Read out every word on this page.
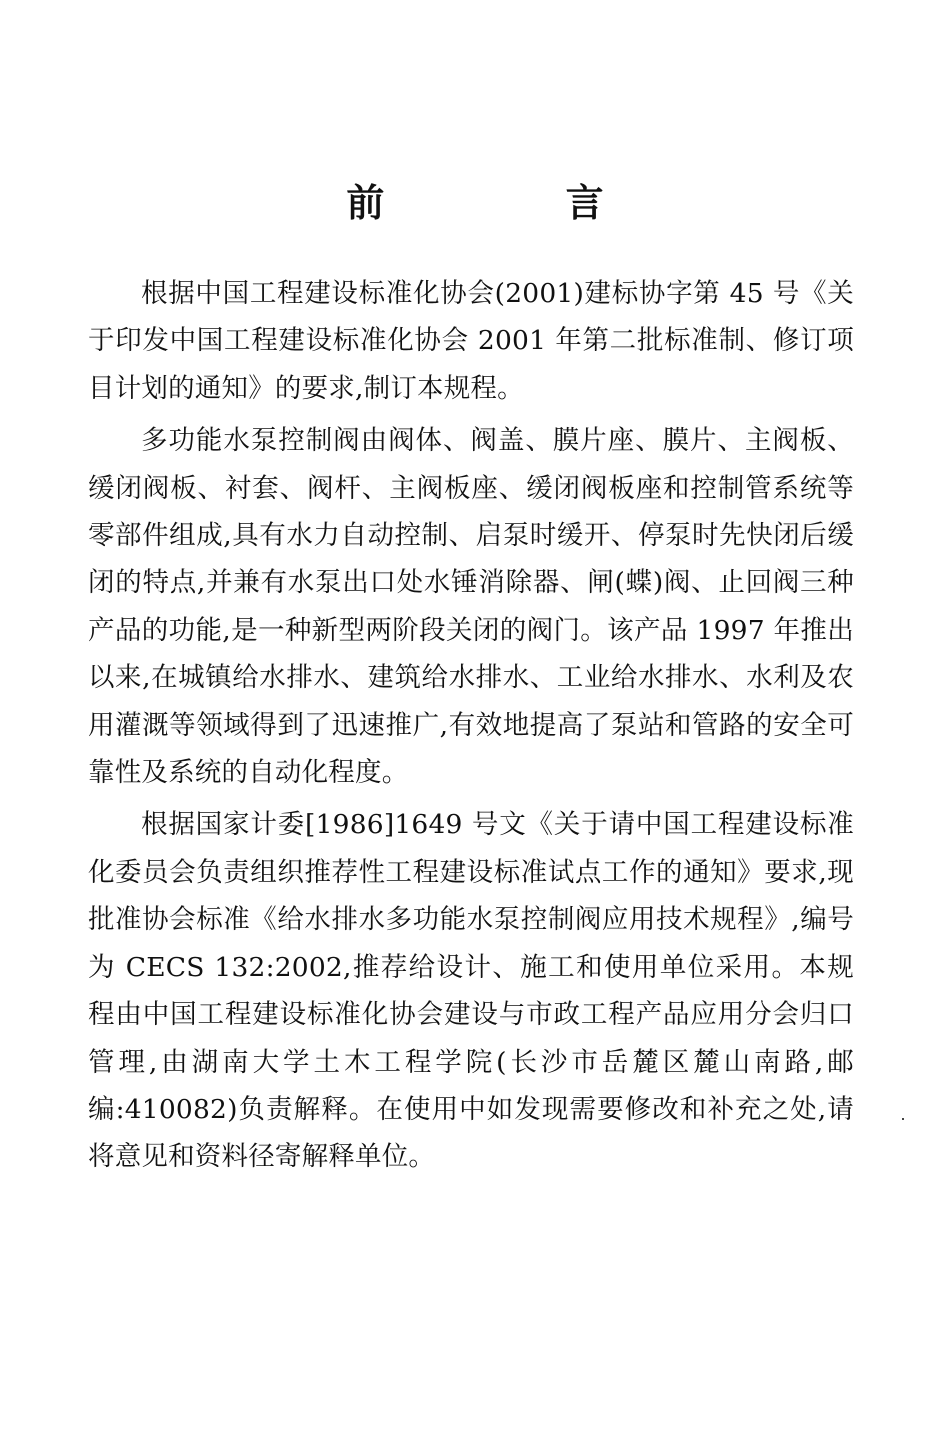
前 言

根据中国工程建设标准化协会(2001)建标协字第 45 号《关于印发中国工程建设标准化协会 2001 年第二批标准制、修订项目计划的通知》的要求,制订本规程。

多功能水泵控制阀由阀体、阀盖、膜片座、膜片、主阀板、缓闭阀板、衬套、阀杆、主阀板座、缓闭阀板座和控制管系统等零部件组成,具有水力自动控制、启泵时缓开、停泵时先快闭后缓闭的特点,并兼有水泵出口处水锤消除器、闸(蝶)阀、止回阀三种产品的功能,是一种新型两阶段关闭的阀门。该产品 1997 年推出以来,在城镇给水排水、建筑给水排水、工业给水排水、水利及农用灌溉等领域得到了迅速推广,有效地提高了泵站和管路的安全可靠性及系统的自动化程度。

根据国家计委[1986]1649 号文《关于请中国工程建设标准化委员会负责组织推荐性工程建设标准试点工作的通知》要求,现批准协会标准《给水排水多功能水泵控制阀应用技术规程》,编号为 CECS 132:2002,推荐给设计、施工和使用单位采用。本规程由中国工程建设标准化协会建设与市政工程产品应用分会归口管理,由湖南大学土木工程学院(长沙市岳麓区麓山南路,邮编:410082)负责解释。在使用中如发现需要修改和补充之处,请将意见和资料径寄解释单位。
